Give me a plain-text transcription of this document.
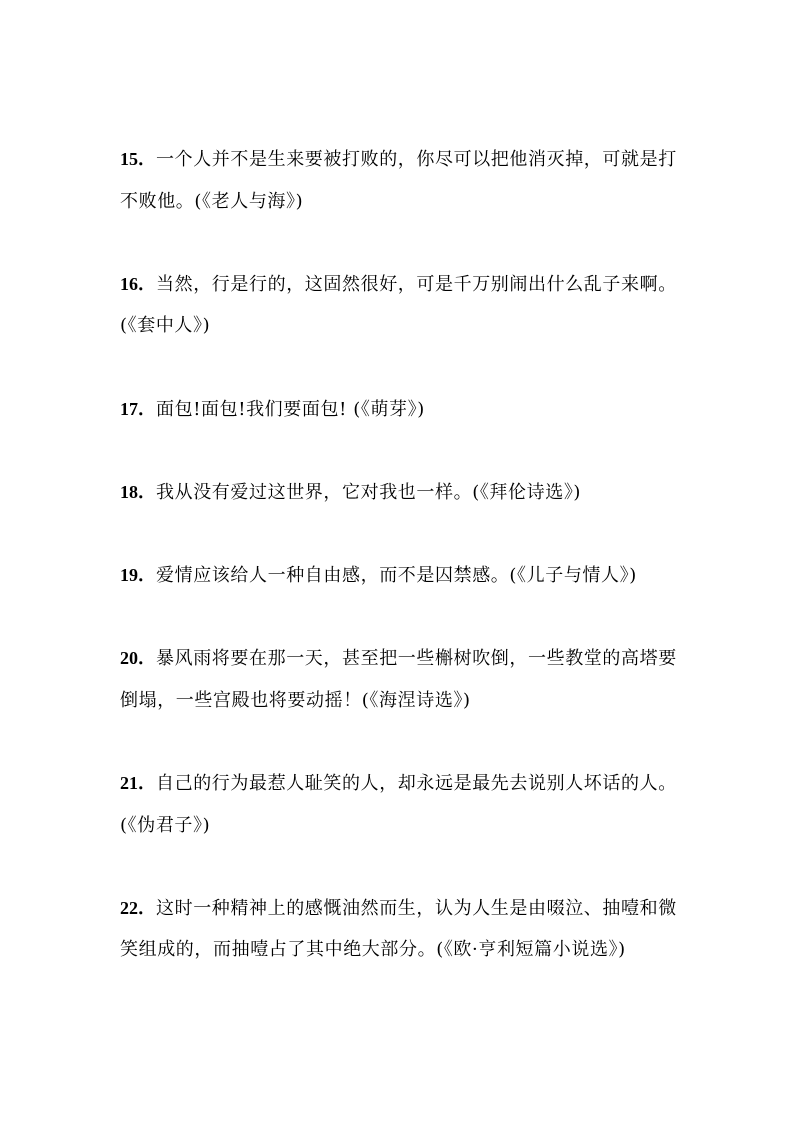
15．一个人并不是生来要被打败的，你尽可以把他消灭掉，可就是打
不败他。(《老人与海》)
16．当然，行是行的，这固然很好，可是千万别闹出什么乱子来啊。
(《套中人》)
17．面包!面包!我们要面包! (《萌芽》)
18．我从没有爱过这世界，它对我也一样。(《拜伦诗选》)
19．爱情应该给人一种自由感，而不是囚禁感。(《儿子与情人》)
20．暴风雨将要在那一天，甚至把一些槲树吹倒，一些教堂的高塔要
倒塌，一些宫殿也将要动摇！(《海涅诗选》)
21．自己的行为最惹人耻笑的人，却永远是最先去说别人坏话的人。
(《伪君子》)
22．这时一种精神上的感慨油然而生，认为人生是由啜泣、抽噎和微
笑组成的，而抽噎占了其中绝大部分。(《欧·亨利短篇小说选》)
